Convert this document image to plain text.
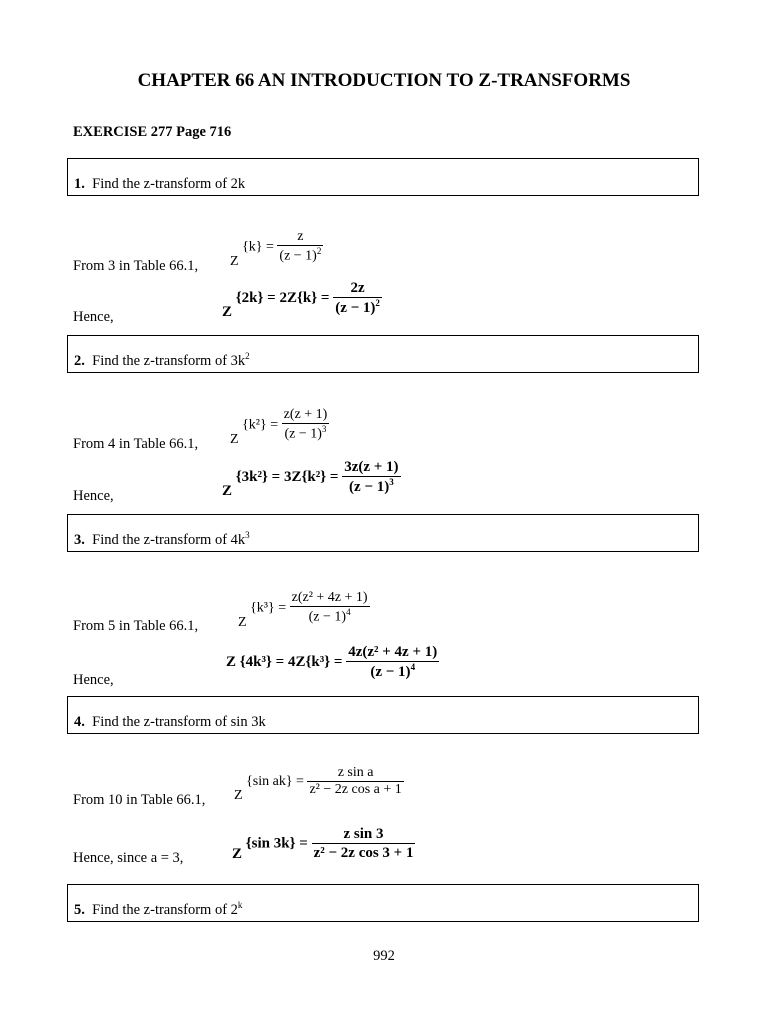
CHAPTER 66 AN INTRODUCTION TO Z-TRANSFORMS
EXERCISE 277 Page 716
1. Find the z-transform of 2k
From 3 in Table 66.1, Z $\{k\} = \frac{z}{(z - 1)^2}$
Hence,	Z $\{2k\} = 2Z\{k\} = \frac{2z}{(z - 1)^2}$
2. Find the z-transform of $3k^2$
From 4 in Table 66.1, Z $\{k^2\} = \frac{z(z + 1)}{(z - 1)^3}$
Hence,	Z $\{3k^2\} = 3Z\{k^2\} = \frac{3z(z + 1)}{(z - 1)^3}$
3. Find the z-transform of $4k^3$
From 5 in Table 66.1,	Z $\{k^3\} = \frac{\text{z(z² + 4z + 1)}}{(z - 1)^4}$
Hence,
Z $\{4k^3\} = 4Z\{k^3\} = \frac{\text{4z(z² + 4z + 1)}}{(z - 1)^4}$
4. Find the z-transform of sin 3k
From 10 in Table 66.1, Z {sin $ak\} = \frac{\text{z sin a}}{\text{z² − 2z cos a + 1}}$
Hence, since a = 3,	Z {sin $3k\} = \frac{\text{z sin 3}}{\text{z² − 2z cos 3 + 1}}$
5. Find the z-transform of 2$^k$
992
